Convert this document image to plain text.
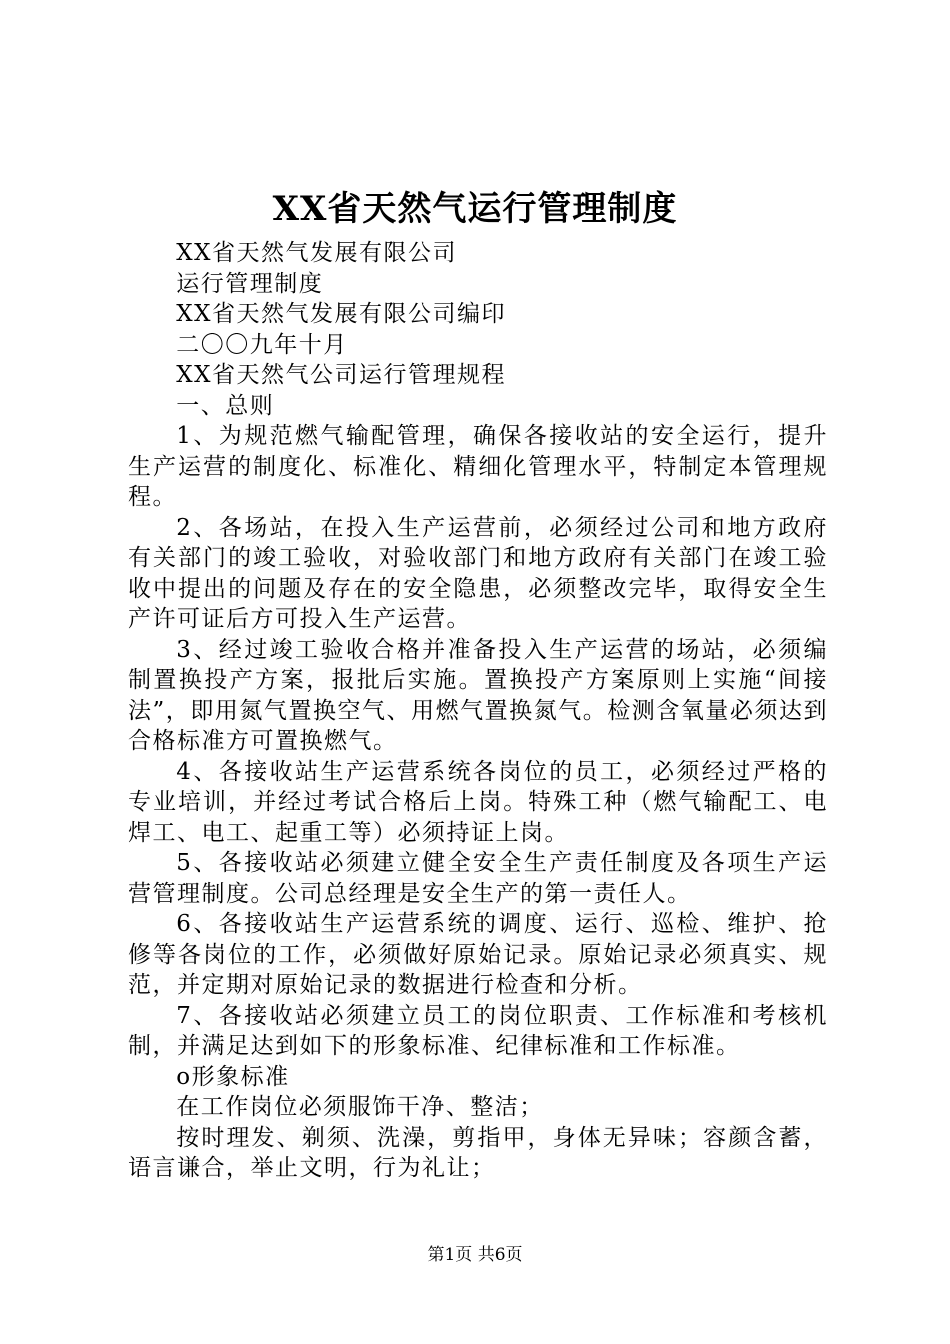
XX省天然气运行管理制度

XX省天然气发展有限公司

运行管理制度

XX省天然气发展有限公司编印

二〇〇九年十月

XX省天然气公司运行管理规程

一、总则

1、为规范燃气输配管理，确保各接收站的安全运行，提升生产运营的制度化、标准化、精细化管理水平，特制定本管理规程。

2、各场站，在投入生产运营前，必须经过公司和地方政府有关部门的竣工验收，对验收部门和地方政府有关部门在竣工验收中提出的问题及存在的安全隐患，必须整改完毕，取得安全生产许可证后方可投入生产运营。

3、经过竣工验收合格并准备投入生产运营的场站，必须编制置换投产方案，报批后实施。置换投产方案原则上实施“间接法”，即用氮气置换空气、用燃气置换氮气。检测含氧量必须达到合格标准方可置换燃气。

4、各接收站生产运营系统各岗位的员工，必须经过严格的专业培训，并经过考试合格后上岗。特殊工种（燃气输配工、电焊工、电工、起重工等）必须持证上岗。

5、各接收站必须建立健全安全生产责任制度及各项生产运营管理制度。公司总经理是安全生产的第一责任人。

6、各接收站生产运营系统的调度、运行、巡检、维护、抢修等各岗位的工作，必须做好原始记录。原始记录必须真实、规范，并定期对原始记录的数据进行检查和分析。

7、各接收站必须建立员工的岗位职责、工作标准和考核机制，并满足达到如下的形象标准、纪律标准和工作标准。

o形象标准

在工作岗位必须服饰干净、整洁；

按时理发、剃须、洗澡，剪指甲，身体无异味；容颜含蓄，语言谦合，举止文明，行为礼让；

第1页 共6页
